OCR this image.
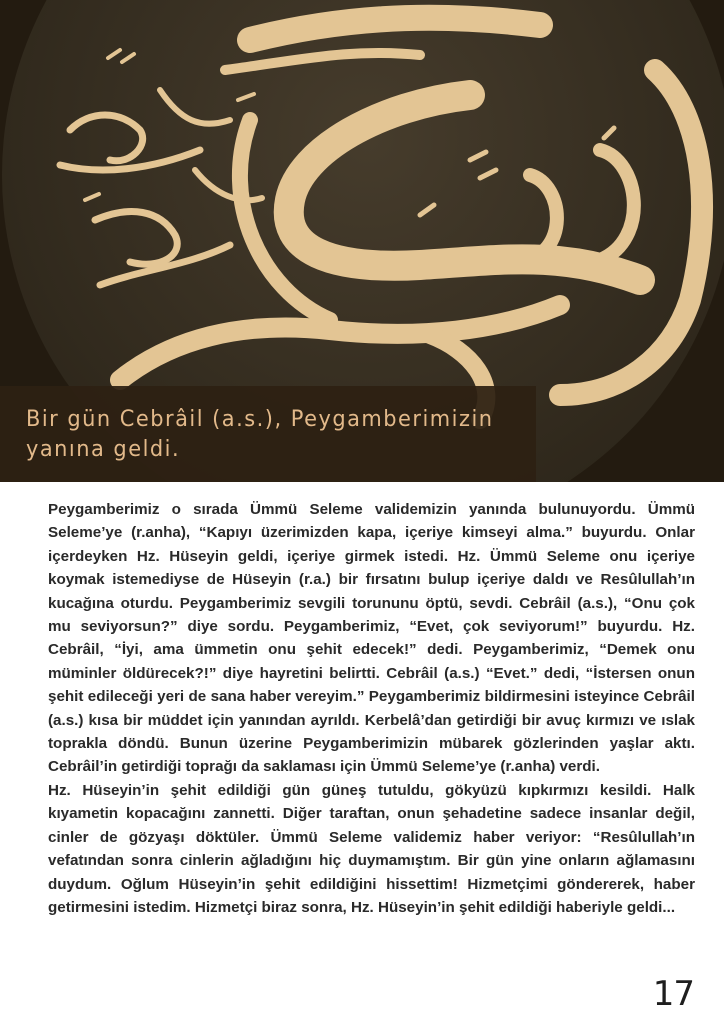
Bir gün Cebrâil (a.s.), Peygamberimizin
yanına geldi.

Peygamberimiz o sırada Ümmü Seleme validemizin yanında bulunuyordu. Ümmü Seleme’ye (r.anha), “Kapıyı üzerimizden kapa, içeriye kimseyi alma.” buyurdu. Onlar içerdeyken Hz. Hüseyin geldi, içeriye girmek istedi. Hz. Ümmü Seleme onu içeriye koymak istemediyse de Hüseyin (r.a.) bir fırsatını bulup içeriye daldı ve Resûlullah’ın kucağına oturdu. Peygamberimiz sevgili torununu öptü, sevdi. Cebrâil (a.s.), “Onu çok mu seviyorsun?” diye sordu. Peygamberimiz, “Evet, çok seviyorum!” buyurdu. Hz. Cebrâil, “İyi, ama ümmetin onu şehit edecek!” dedi. Peygamberimiz, “Demek onu müminler öldürecek?!” diye hayretini belirtti. Cebrâil (a.s.) “Evet.” dedi, “İstersen onun şehit edileceği yeri de sana haber vereyim.” Peygamberimiz bildirmesini isteyince Cebrâil (a.s.) kısa bir müddet için yanından ayrıldı. Kerbelâ’dan getirdiği bir avuç kırmızı ve ıslak toprakla döndü. Bunun üzerine Peygamberimizin mübarek gözlerinden yaşlar aktı. Cebrâil’in getirdiği toprağı da saklaması için Ümmü Seleme’ye (r.anha) verdi.

Hz. Hüseyin’in şehit edildiği gün güneş tutuldu, gökyüzü kıpkırmızı kesildi. Halk kıyametin kopacağını zannetti. Diğer taraftan, onun şehadetine sadece insanlar değil, cinler de gözyaşı döktüler. Ümmü Seleme validemiz haber veriyor: “Resûlullah’ın vefatından sonra cinlerin ağladığını hiç duymamıştım. Bir gün yine onların ağlamasını duydum. Oğlum Hüseyin’in şehit edildiğini hissettim! Hizmetçimi göndererek, haber getirmesini istedim. Hizmetçi biraz sonra, Hz. Hüseyin’in şehit edildiği haberiyle geldi...

17
